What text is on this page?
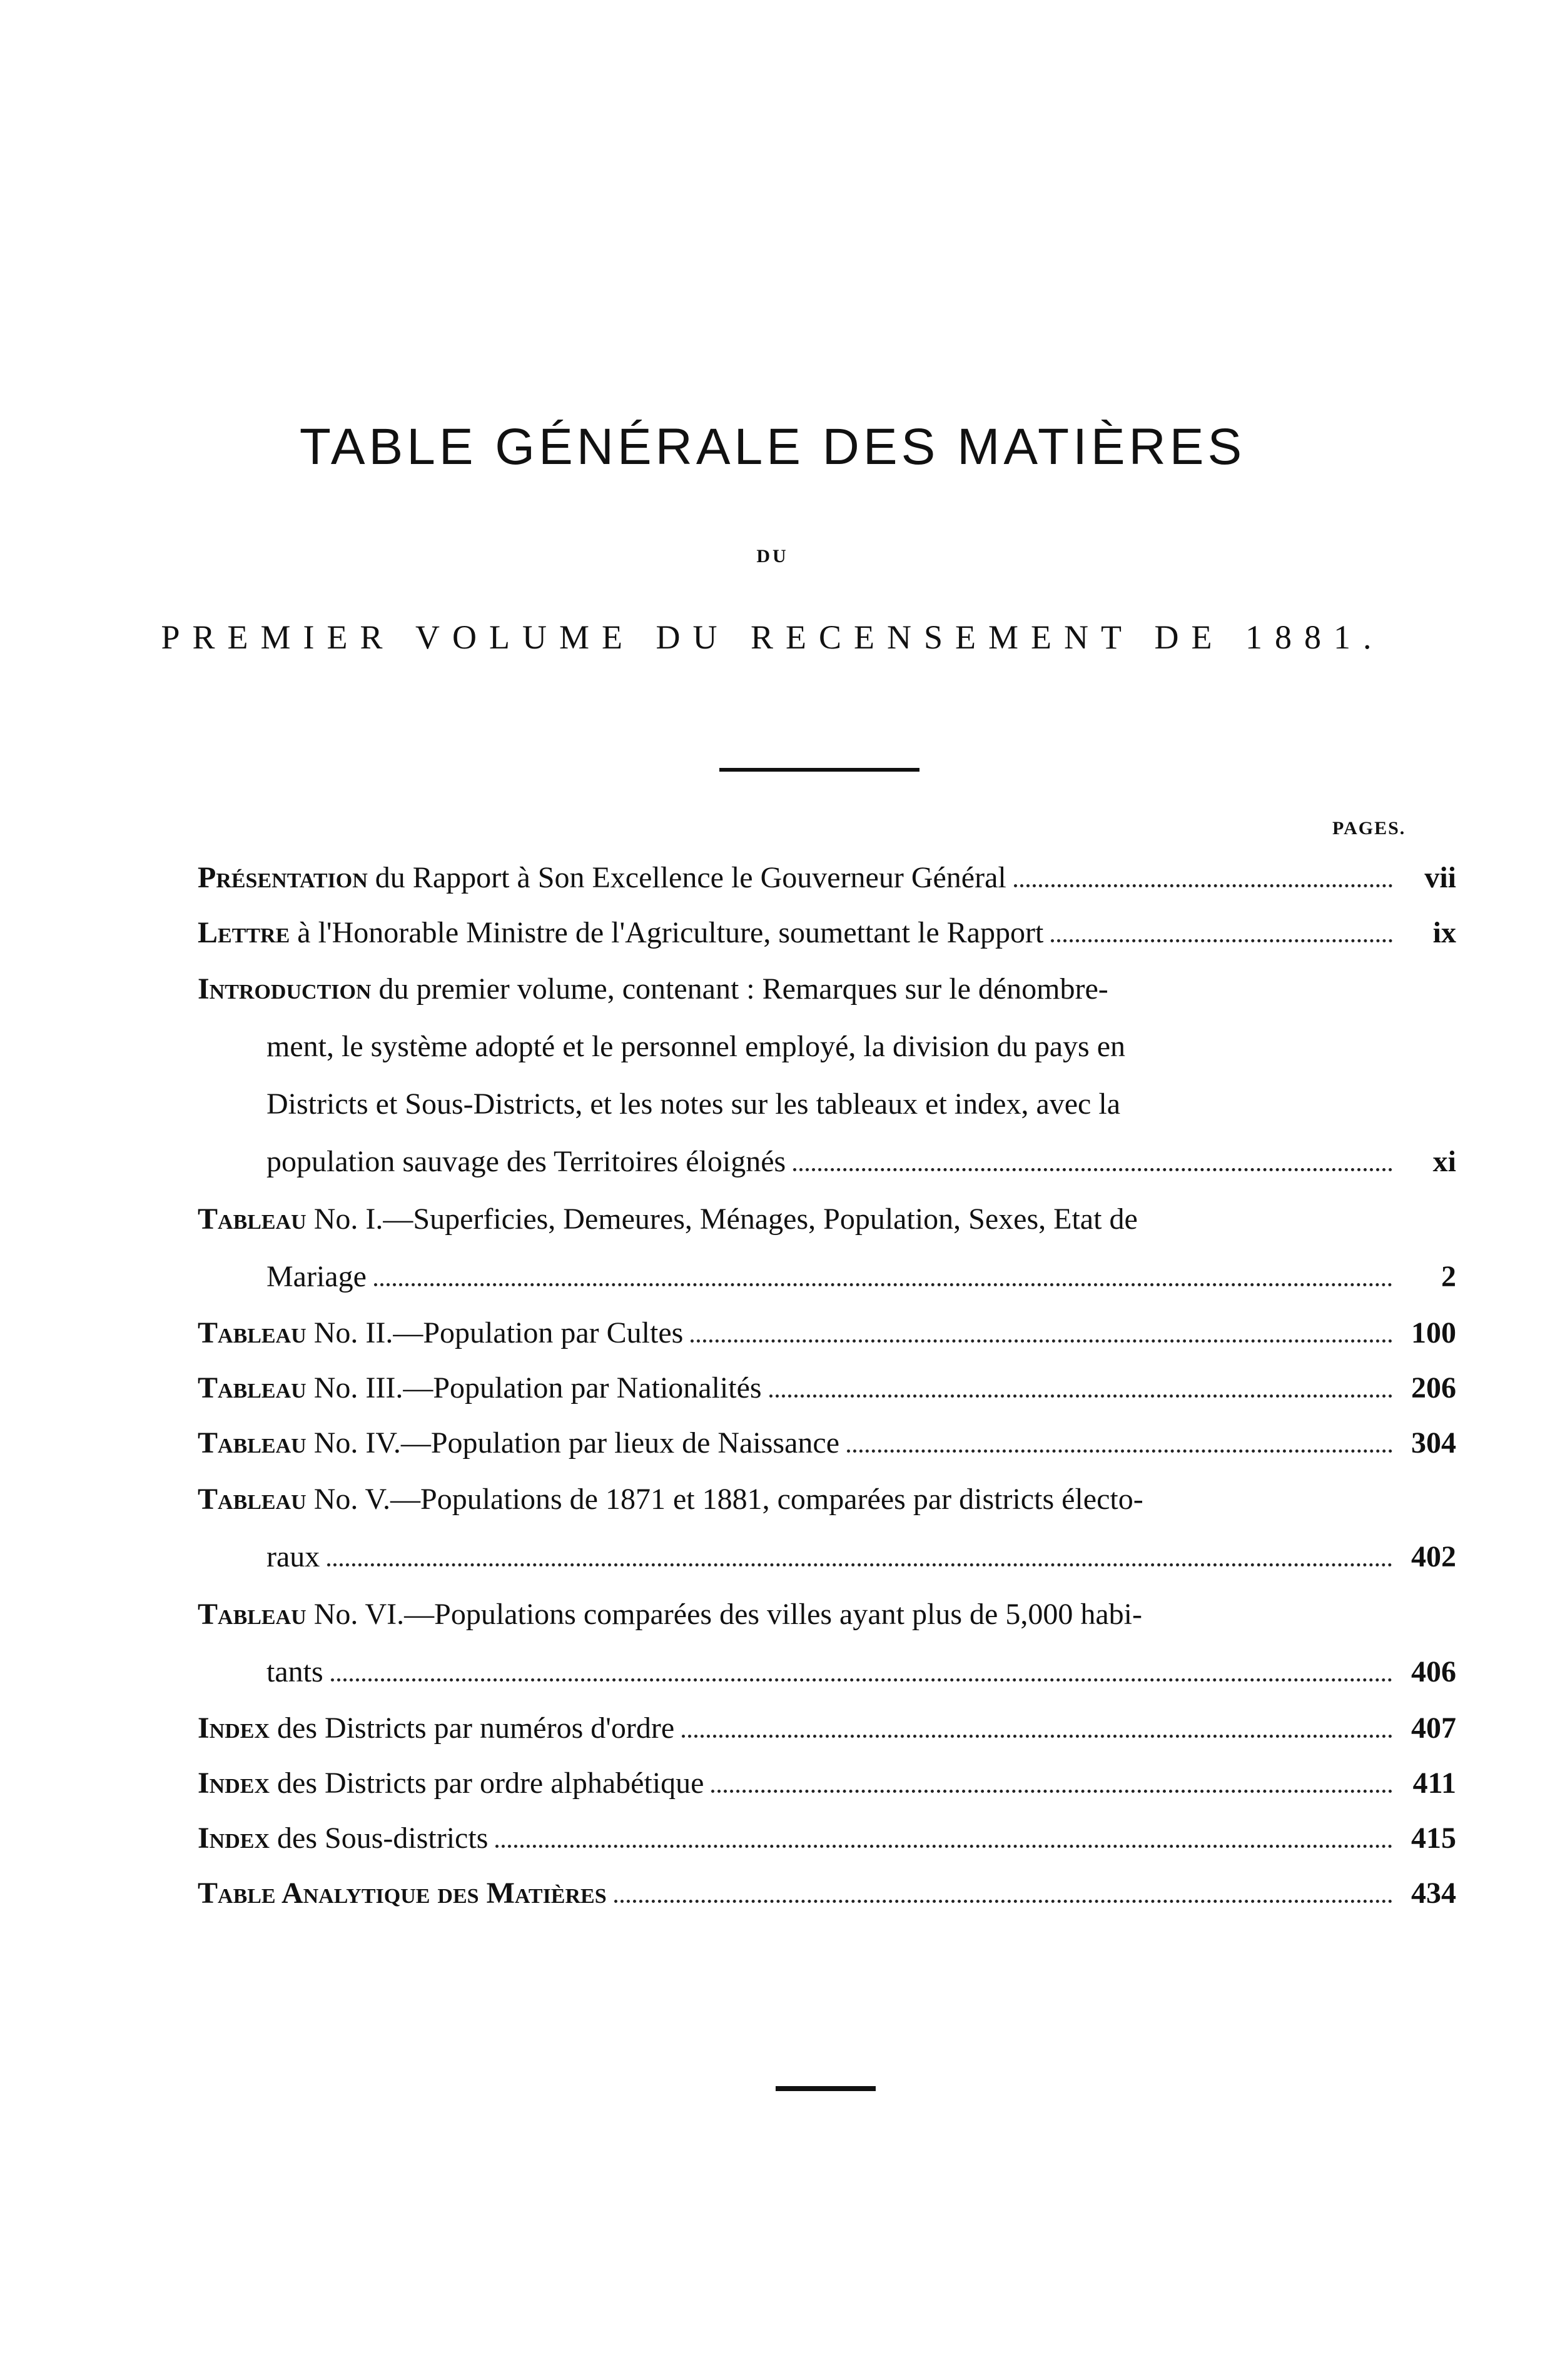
TABLE GÉNÉRALE DES MATIÈRES
DU
PREMIER VOLUME DU RECENSEMENT DE 1881.
PAGES.
Présentation du Rapport à Son Excellence le Gouverneur Général	vii
Lettre à l'Honorable Ministre de l'Agriculture, soumettant le Rapport	ix
Introduction du premier volume, contenant : Remarques sur le dénombre-
ment, le système adopté et le personnel employé, la division du pays en
Districts et Sous-Districts, et les notes sur les tableaux et index, avec la
population sauvage des Territoires éloignés	xi
Tableau No. I.—Superficies, Demeures, Ménages, Population, Sexes, Etat de
Mariage	2
Tableau No. II.—Population par Cultes	100
Tableau No. III.—Population par Nationalités	206
Tableau No. IV.—Population par lieux de Naissance	304
Tableau No. V.—Populations de 1871 et 1881, comparées par districts électo-
raux	402
Tableau No. VI.—Populations comparées des villes ayant plus de 5,000 habi-
tants	406
Index des Districts par numéros d'ordre	407
Index des Districts par ordre alphabétique	411
Index des Sous-districts	415
Table Analytique des Matières	434
